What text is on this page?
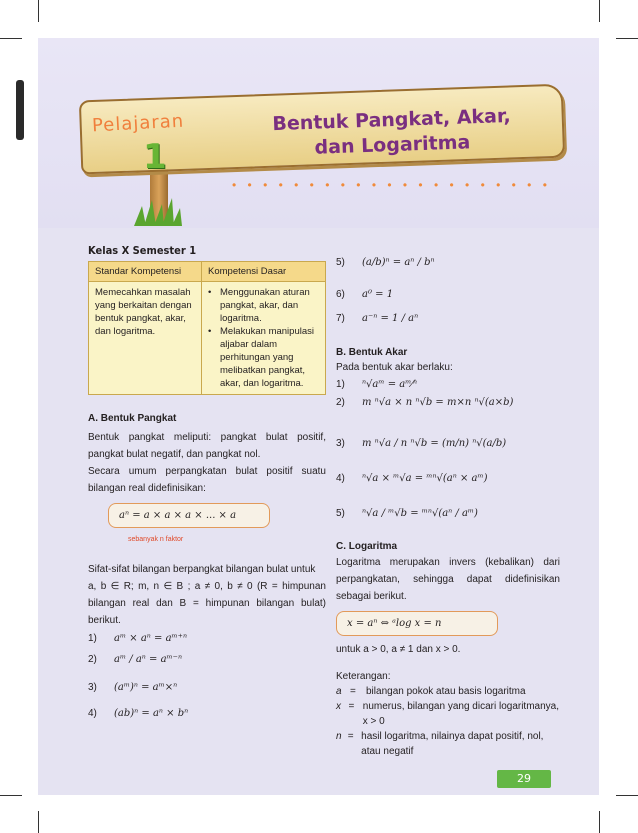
Pelajaran
1
Bentuk Pangkat, Akar,
dan Logaritma
• • • • • • • • • • • • • • • • • • • • •
Kelas X Semester 1
Standar Kompetensi	Kompetensi Dasar
Memecahkan masalah yang berkaitan dengan bentuk pangkat, akar, dan logaritma.	• Menggunakan aturan pangkat, akar, dan logaritma.
• Melakukan manipulasi aljabar dalam perhitungan yang melibatkan pangkat, akar, dan logaritma.
A. Bentuk Pangkat
Bentuk pangkat meliputi: pangkat bulat positif, pangkat bulat negatif, dan pangkat nol.
Secara umum perpangkatan bulat positif suatu bilangan real didefinisikan:
aⁿ = a × a × a × ... × a
sebanyak n faktor
Sifat-sifat bilangan berpangkat bilangan bulat untuk
a, b ∈ R; m, n ∈ B ; a ≠ 0, b ≠ 0 (R = himpunan bilangan real dan B = himpunan bilangan bulat) berikut.
1)	aᵐ × aⁿ = aᵐ⁺ⁿ
2)	aᵐ / aⁿ = aᵐ⁻ⁿ
3)	(aᵐ)ⁿ = aᵐ×ⁿ
4)	(ab)ⁿ = aⁿ × bⁿ
5)	(a/b)ⁿ = aⁿ / bⁿ
6)	a⁰ = 1
7)	a⁻ⁿ = 1 / aⁿ
B. Bentuk Akar
Pada bentuk akar berlaku:
1)	ⁿ√aᵐ = aᵐ⁄ⁿ
2)	m ⁿ√a × n ⁿ√b = m×n ⁿ√(a×b)
3)	m ⁿ√a / n ⁿ√b = (m/n) ⁿ√(a/b)
4)	ⁿ√a × ᵐ√a = ᵐⁿ√(aⁿ × aᵐ)
5)	ⁿ√a / ᵐ√b = ᵐⁿ√(aⁿ / aᵐ)
C. Logaritma
Logaritma merupakan invers (kebalikan) dari perpangkatan, sehingga dapat didefinisikan sebagai berikut.
x = aⁿ ⇔ ᵃlog x = n
untuk a > 0, a ≠ 1 dan x > 0.
Keterangan:
a =	bilangan pokok atau basis logaritma
x = numerus, bilangan yang dicari logaritmanya, x > 0
n = hasil logaritma, nilainya dapat positif, nol, atau negatif
29
